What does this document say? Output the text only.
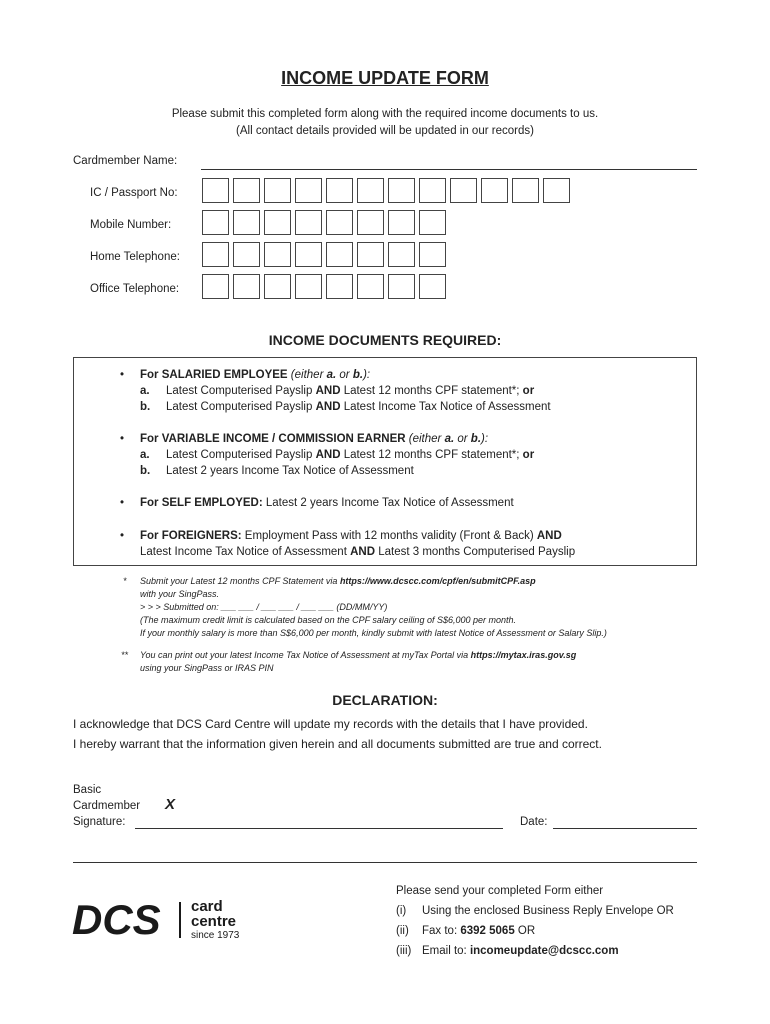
INCOME UPDATE FORM
Please submit this completed form along with the required income documents to us.
(All contact details provided will be updated in our records)
Cardmember Name:
IC / Passport No:
Mobile Number:
Home Telephone:
Office Telephone:
INCOME DOCUMENTS REQUIRED:
• For SALARIED EMPLOYEE (either a. or b.):
a. Latest Computerised Payslip AND Latest 12 months CPF statement*; or
b. Latest Computerised Payslip AND Latest Income Tax Notice of Assessment
• For VARIABLE INCOME / COMMISSION EARNER (either a. or b.):
a. Latest Computerised Payslip AND Latest 12 months CPF statement*; or
b. Latest 2 years Income Tax Notice of Assessment
• For SELF EMPLOYED: Latest 2 years Income Tax Notice of Assessment
• For FOREIGNERS: Employment Pass with 12 months validity (Front & Back) AND
Latest Income Tax Notice of Assessment AND Latest 3 months Computerised Payslip
* Submit your Latest 12 months CPF Statement via https://www.dcscc.com/cpf/en/submitCPF.asp
with your SingPass.
> > > Submitted on: ___ ___ / ___ ___ / ___ ___ (DD/MM/YY)
(The maximum credit limit is calculated based on the CPF salary ceiling of S$6,000 per month.
If your monthly salary is more than S$6,000 per month, kindly submit with latest Notice of Assessment or Salary Slip.)
** You can print out your latest Income Tax Notice of Assessment at myTax Portal via https://mytax.iras.gov.sg
using your SingPass or IRAS PIN
DECLARATION:
I acknowledge that DCS Card Centre will update my records with the details that I have provided.
I hereby warrant that the information given herein and all documents submitted are true and correct.
Basic
Cardmember
Signature:
X
Date:
DCS card
centre
since 1973
Please send your completed Form either
(i) Using the enclosed Business Reply Envelope OR
(ii) Fax to: 6392 5065 OR
(iii) Email to: incomeupdate@dcscc.com
